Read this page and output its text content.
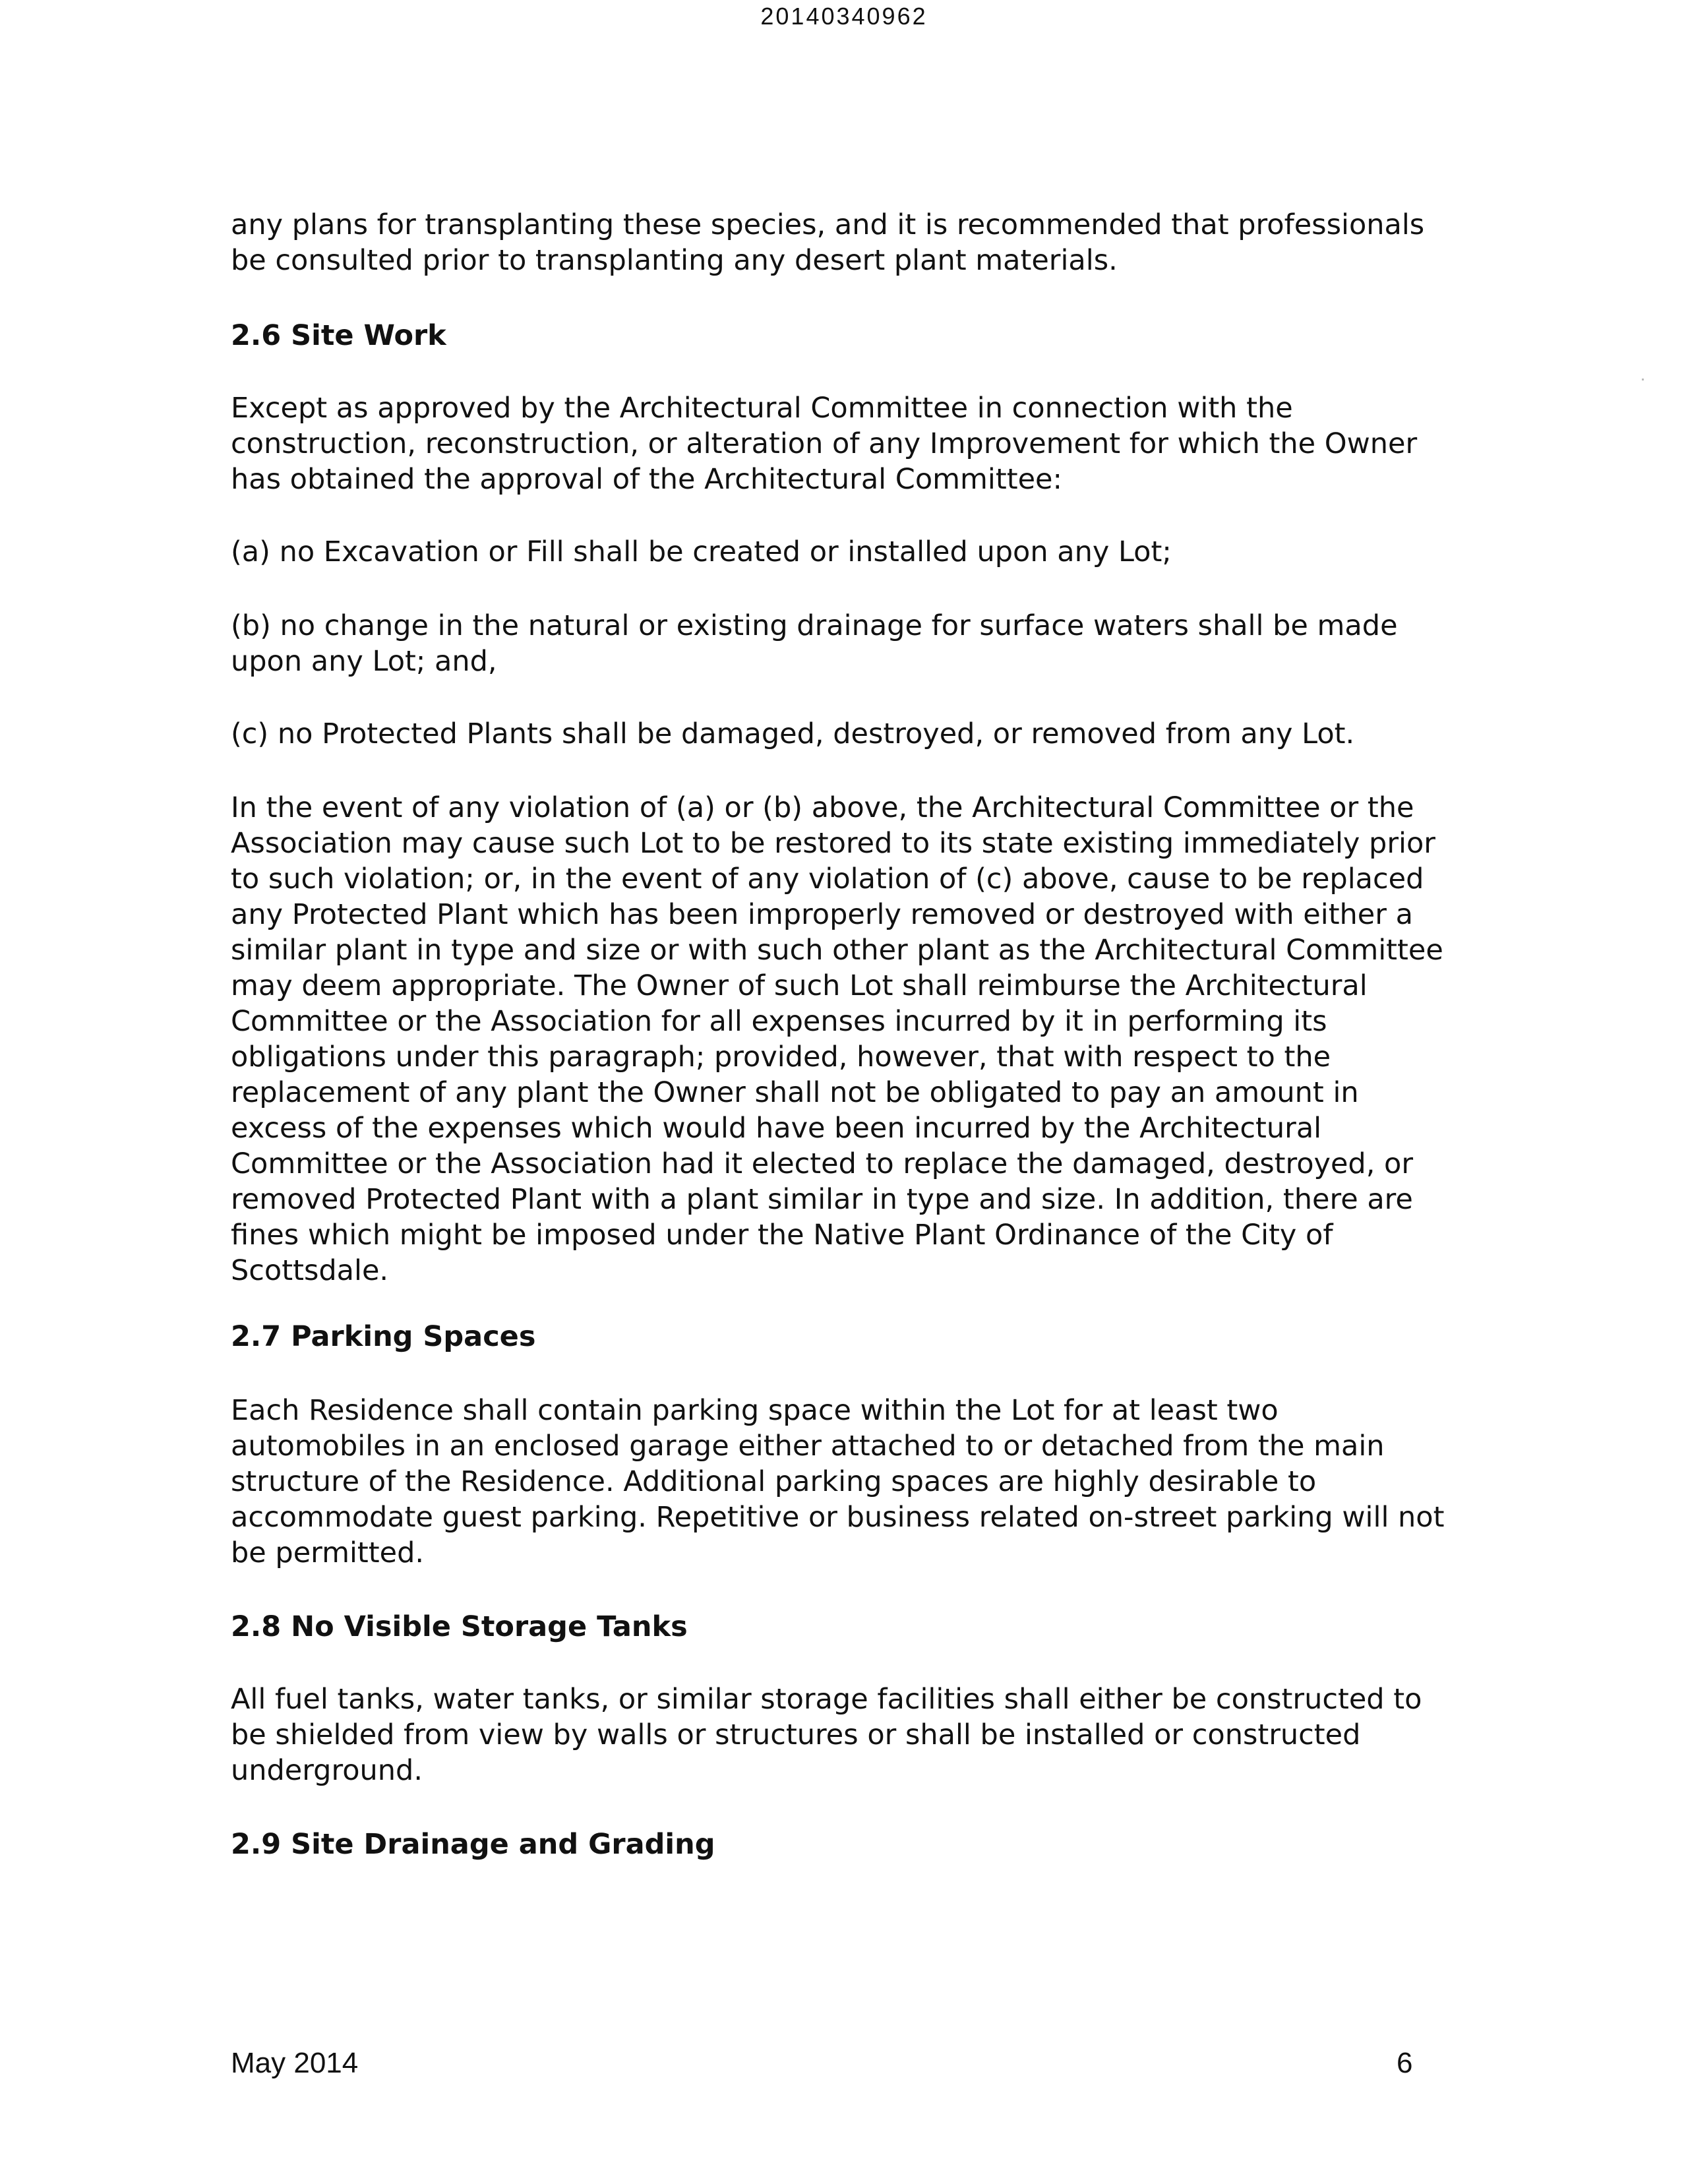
20140340962

any plans for transplanting these species, and it is recommended that professionals be consulted prior to transplanting any desert plant materials.

2.6 Site Work

Except as approved by the Architectural Committee in connection with the construction, reconstruction, or alteration of any Improvement for which the Owner has obtained the approval of the Architectural Committee:

(a) no Excavation or Fill shall be created or installed upon any Lot;

(b) no change in the natural or existing drainage for surface waters shall be made upon any Lot; and,

(c) no Protected Plants shall be damaged, destroyed, or removed from any Lot.

In the event of any violation of (a) or (b) above, the Architectural Committee or the Association may cause such Lot to be restored to its state existing immediately prior to such violation; or, in the event of any violation of (c) above, cause to be replaced any Protected Plant which has been improperly removed or destroyed with either a similar plant in type and size or with such other plant as the Architectural Committee may deem appropriate. The Owner of such Lot shall reimburse the Architectural Committee or the Association for all expenses incurred by it in performing its obligations under this paragraph; provided, however, that with respect to the replacement of any plant the Owner shall not be obligated to pay an amount in excess of the expenses which would have been incurred by the Architectural Committee or the Association had it elected to replace the damaged, destroyed, or removed Protected Plant with a plant similar in type and size. In addition, there are fines which might be imposed under the Native Plant Ordinance of the City of Scottsdale.

2.7 Parking Spaces

Each Residence shall contain parking space within the Lot for at least two automobiles in an enclosed garage either attached to or detached from the main structure of the Residence. Additional parking spaces are highly desirable to accommodate guest parking. Repetitive or business related on-street parking will not be permitted.

2.8 No Visible Storage Tanks

All fuel tanks, water tanks, or similar storage facilities shall either be constructed to be shielded from view by walls or structures or shall be installed or constructed underground.

2.9 Site Drainage and Grading

May 2014	6
